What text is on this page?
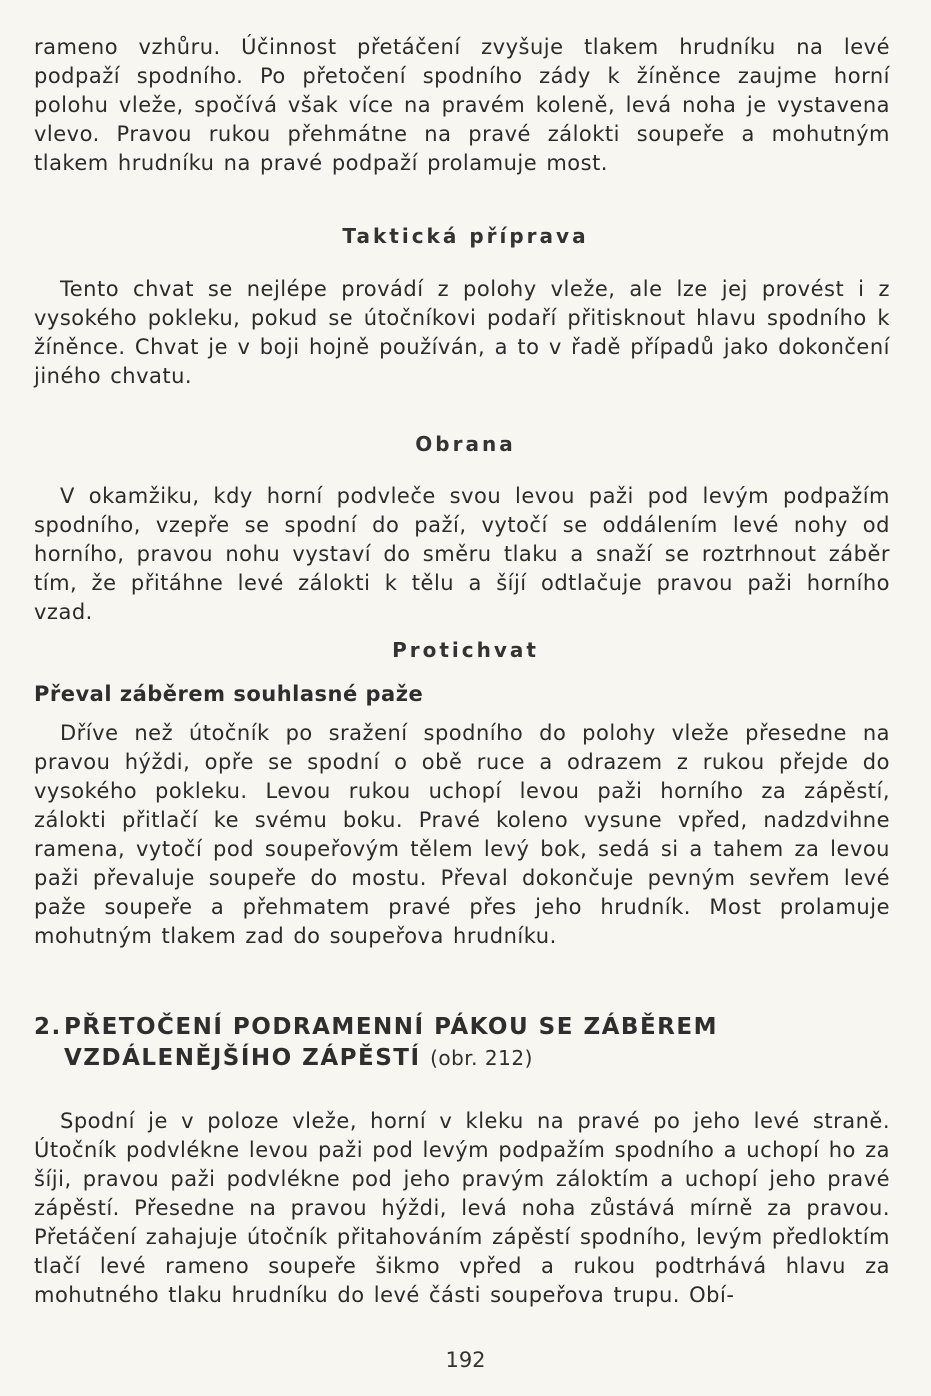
rameno vzhůru. Účinnost přetáčení zvyšuje tlakem hrudníku na levé podpaží spodního. Po přetočení spodního zády k žíněnce zaujme horní polohu vleže, spočívá však více na pravém koleně, levá noha je vystavena vlevo. Pravou rukou přehmátne na pravé zálokti soupeře a mohutným tlakem hrudníku na pravé podpaží prolamuje most.

Taktická příprava

Tento chvat se nejlépe provádí z polohy vleže, ale lze jej provést i z vysokého pokleku, pokud se útočníkovi podaří přitisknout hlavu spodního k žíněnce. Chvat je v boji hojně používán, a to v řadě případů jako dokončení jiného chvatu.

Obrana

V okamžiku, kdy horní podvleče svou levou paži pod levým podpažím spodního, vzepře se spodní do paží, vytočí se oddálením levé nohy od horního, pravou nohu vystaví do směru tlaku a snaží se roztrhnout záběr tím, že přitáhne levé zálokti k tělu a šíjí odtlačuje pravou paži horního vzad.

Protichvat
Převal záběrem souhlasné paže

Dříve než útočník po sražení spodního do polohy vleže přesedne na pravou hýždi, opře se spodní o obě ruce a odrazem z rukou přejde do vysokého pokleku. Levou rukou uchopí levou paži horního za zápěstí, zálokti přitlačí ke svému boku. Pravé koleno vysune vpřed, nadzdvihne ramena, vytočí pod soupeřovým tělem levý bok, sedá si a tahem za levou paži převaluje soupeře do mostu. Převal dokončuje pevným sevřem levé paže soupeře a přehmatem pravé přes jeho hrudník. Most prolamuje mohutným tlakem zad do soupeřova hrudníku.

2.PŘETOČENÍ PODRAMENNÍ PÁKOU SE ZÁBĚREM
VZDÁLENĚJŠÍHO ZÁPĚSTÍ (obr. 212)

Spodní je v poloze vleže, horní v kleku na pravé po jeho levé straně. Útočník podvlékne levou paži pod levým podpažím spodního a uchopí ho za šíji, pravou paži podvlékne pod jeho pravým záloktím a uchopí jeho pravé zápěstí. Přesedne na pravou hýždi, levá noha zůstává mírně za pravou. Přetáčení zahajuje útočník přitahováním zápěstí spodního, levým předloktím tlačí levé rameno soupeře šikmo vpřed a rukou podtrhává hlavu za mohutného tlaku hrudníku do levé části soupeřova trupu. Obí-

192
